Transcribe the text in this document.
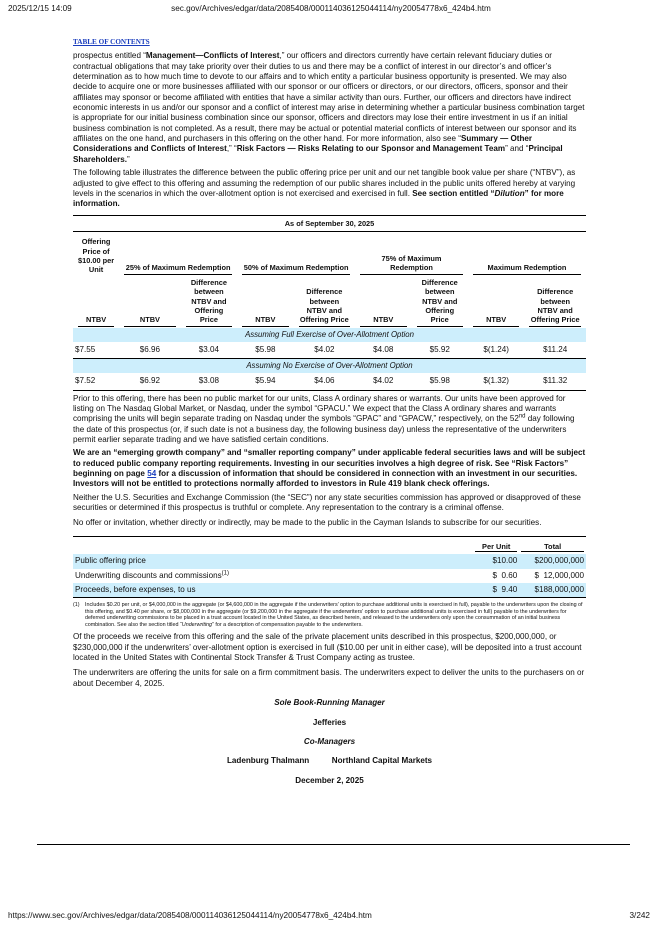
2025/12/15 14:09	sec.gov/Archives/edgar/data/2085408/000114036125044114/ny20054778x6_424b4.htm
TABLE OF CONTENTS

prospectus entitled “Management—Conflicts of Interest,” our officers and directors currently have certain relevant fiduciary duties or contractual obligations that may take priority over their duties to us and there may be a conflict of interest in our director’s and officer’s determination as to how much time to devote to our affairs and to which entity a particular business opportunity is presented. We may also decide to acquire one or more businesses affiliated with our sponsor or our officers or directors, or our directors, officers, sponsor and their affiliates may sponsor or become affiliated with entities that have a similar activity than ours. Further, our officers and directors have indirect economic interests in us and/or our sponsor and a conflict of interest may arise in determining whether a particular business combination target is appropriate for our initial business combination since our sponsor, officers and directors may lose their entire investment in us if an initial business combination is not completed. As a result, there may be actual or potential material conflicts of interest between our sponsor and its affiliates on the one hand, and purchasers in this offering on the other hand. For more information, also see “Summary — Other Considerations and Conflicts of Interest,” “Risk Factors — Risks Relating to our Sponsor and Management Team” and “Principal Shareholders.”

The following table illustrates the difference between the public offering price per unit and our net tangible book value per share (“NTBV”), as adjusted to give effect to this offering and assuming the redemption of our public shares included in the public units offered hereby at varying levels in the scenarios in which the over-allotment option is not exercised and exercised in full. See section entitled “Dilution” for more information.

As of September 30, 2025								
Offering Price of $10.00 per Unit	25% of Maximum Redemption		50% of Maximum Redemption		75% of Maximum Redemption		Maximum Redemption	

NTBV	NTBV	Difference between NTBV and Offering Price	NTBV	Difference between NTBV and Offering Price	NTBV	Difference between NTBV and Offering Price	NTBV	Difference between NTBV and Offering Price

Assuming Full Exercise of Over-Allotment Option								
$7.55	$6.96	$3.04	$5.98	$4.02	$4.08	$5.92	$(1.24)	$11.24
Assuming No Exercise of Over-Allotment Option								
$7.52	$6.92	$3.08	$5.94	$4.06	$4.02	$5.98	$(1.32)	$11.32

Prior to this offering, there has been no public market for our units, Class A ordinary shares or warrants. Our units have been approved for listing on The Nasdaq Global Market, or Nasdaq, under the symbol “GPACU.” We expect that the Class A ordinary shares and warrants comprising the units will begin separate trading on Nasdaq under the symbols “GPAC” and “GPACW,” respectively, on the 52nd day following the date of this prospectus (or, if such date is not a business day, the following business day) unless the representative of the underwriters permit earlier separate trading and we have satisfied certain conditions.

We are an “emerging growth company” and “smaller reporting company” under applicable federal securities laws and will be subject to reduced public company reporting requirements. Investing in our securities involves a high degree of risk. See “Risk Factors” beginning on page 54 for a discussion of information that should be considered in connection with an investment in our securities. Investors will not be entitled to protections normally afforded to investors in Rule 419 blank check offerings.

Neither the U.S. Securities and Exchange Commission (the “SEC”) nor any state securities commission has approved or disapproved of these securities or determined if this prospectus is truthful or complete. Any representation to the contrary is a criminal offense.

No offer or invitation, whether directly or indirectly, may be made to the public in the Cayman Islands to subscribe for our securities.

	Per Unit	Total

Public offering price	$10.00	$200,000,000
Underwriting discounts and commissions$^{(1)}$	$  0.60	$  12,000,000
Proceeds, before expenses, to us	$  9.40	$188,000,000
(1)	Includes $0.20 per unit, or $4,000,000 in the aggregate (or $4,600,000 in the aggregate if the underwriters’ option to purchase additional units is exercised in full), payable to the underwriters upon the closing of this offering, and $0.40 per share, or $8,000,000 in the aggregate (or $9,200,000 in the aggregate if the underwriters’ option to purchase additional units is exercised in full) payable to the underwriters for deferred underwriting commissions to be placed in a trust account located in the United States, as described herein, and released to the underwriters only upon the consummation of an initial business combination. See also the section titled “Underwriting” for a description of compensation payable to the underwriters.

Of the proceeds we receive from this offering and the sale of the private placement units described in this prospectus, $200,000,000, or $230,000,000 if the underwriters’ over-allotment option is exercised in full ($10.00 per unit in either case), will be deposited into a trust account located in the United States with Continental Stock Transfer & Trust Company acting as trustee.

The underwriters are offering the units for sale on a firm commitment basis. The underwriters expect to deliver the units to the purchasers on or about December 4, 2025.

Sole Book-Running Manager

Jefferies

Co-Managers

Ladenburg Thalmann	Northland Capital Markets

December 2, 2025

https://www.sec.gov/Archives/edgar/data/2085408/000114036125044114/ny20054778x6_424b4.htm	3/242
